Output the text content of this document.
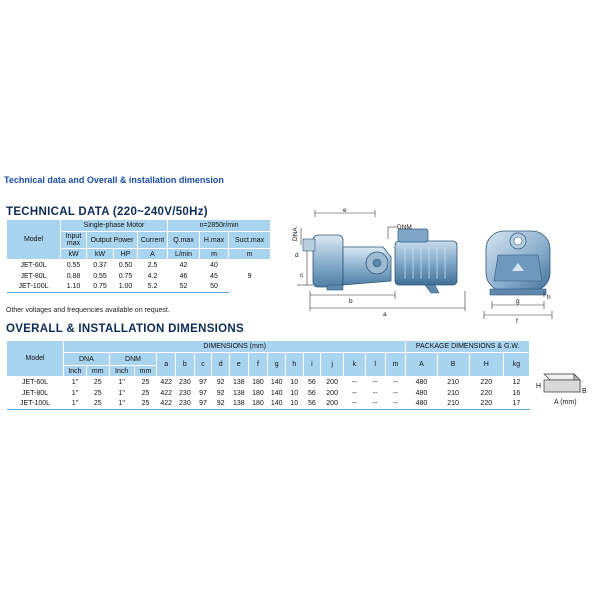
Technical data and Overall & installation dimension
TECHNICAL DATA (220~240V/50Hz)
Model	Single-phase Motor				n=2850r/min		
	Input max	Output Power		Current	Q.max	H.max	Suct.max
	kW	kW	HP	A	L/min	m	m
JET-60L	0.55	0.37	0.50	2.5	42	40	9
JET-80L	0.88	0.55	0.75	4.2	46	45	
JET-100L	1.10	0.75	1.00	5.2	52	50	
Other voltages and frequencies available on request.
OVERALL & INSTALLATION DIMENSIONS
Model	DIMENSIONS (mm)																	PACKAGE DIMENSIONS & G.W.			
	DNA		DNM		a	b	c	d	e	f	g	h	i	j	k	l	m	A	B	H	kg
	Inch	mm	Inch	mm																	
JET-60L	1"	25	1"	25	422	230	97	92	138	180	140	10	56	200	--	--	--	480	210	220	12
JET-80L	1"	25	1"	25	422	230	97	92	138	180	140	10	56	200	--	--	--	480	210	220	16
JET-100L	1"	25	1"	25	422	230	97	92	138	180	140	10	56	200	--	--	--	480	210	220	17
e
DNM
DNA
d
c
b
a
h
g
f
H
B
A (mm)
